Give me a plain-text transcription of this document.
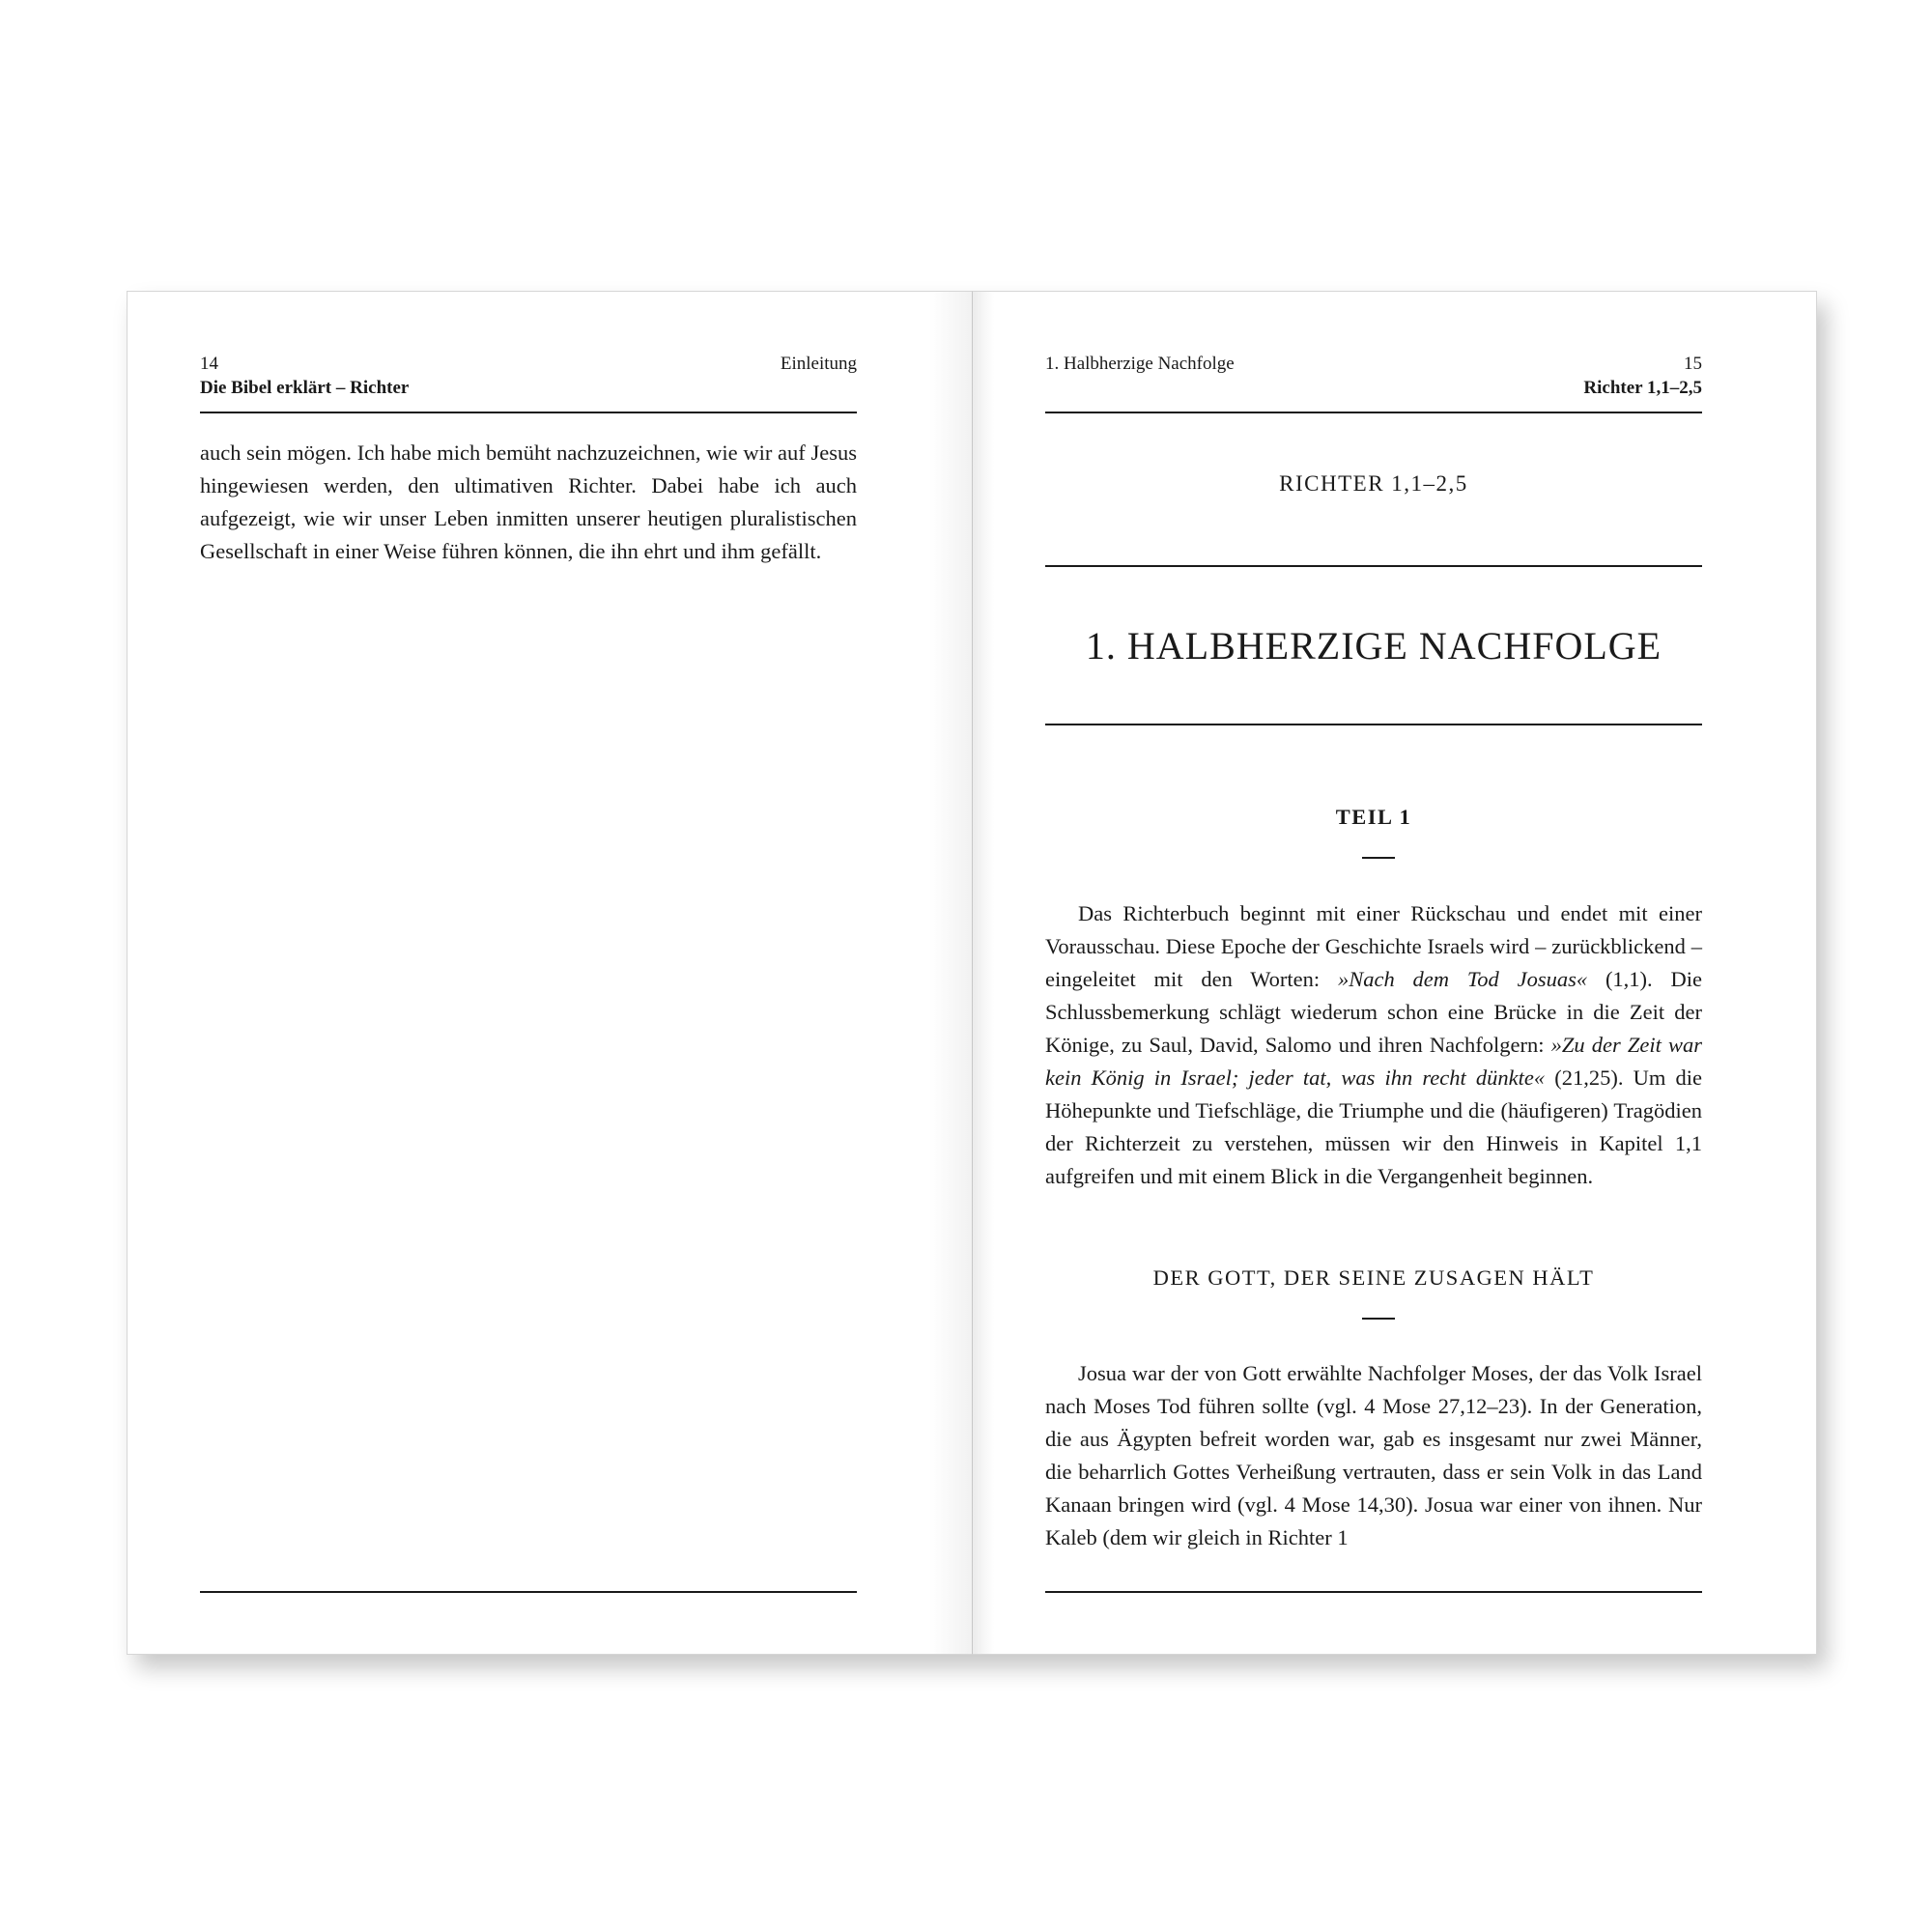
14	Einleitung
Die Bibel erklärt – Richter

auch sein mögen. Ich habe mich bemüht nachzuzeichnen, wie wir auf Jesus hingewiesen werden, den ultimativen Richter. Dabei habe ich auch aufgezeigt, wie wir unser Leben inmitten unserer heutigen pluralistischen Gesellschaft in einer Weise führen können, die ihn ehrt und ihm gefällt.

1. Halbherzige Nachfolge	15
Richter 1,1–2,5
RICHTER 1,1–2,5
1. HALBHERZIGE NACHFOLGE
TEIL 1

Das Richterbuch beginnt mit einer Rückschau und endet mit einer Vorausschau. Diese Epoche der Geschichte Israels wird – zurückblickend – eingeleitet mit den Worten: »Nach dem Tod Josuas« (1,1). Die Schlussbemerkung schlägt wiederum schon eine Brücke in die Zeit der Könige, zu Saul, David, Salomo und ihren Nachfolgern: »Zu der Zeit war kein König in Israel; jeder tat, was ihn recht dünkte« (21,25). Um die Höhepunkte und Tiefschläge, die Triumphe und die (häufigeren) Tragödien der Richterzeit zu verstehen, müssen wir den Hinweis in Kapitel 1,1 aufgreifen und mit einem Blick in die Vergangenheit beginnen.

DER GOTT, DER SEINE ZUSAGEN HÄLT

Josua war der von Gott erwählte Nachfolger Moses, der das Volk Israel nach Moses Tod führen sollte (vgl. 4 Mose 27,12–23). In der Generation, die aus Ägypten befreit worden war, gab es insgesamt nur zwei Männer, die beharrlich Gottes Verheißung vertrauten, dass er sein Volk in das Land Kanaan bringen wird (vgl. 4 Mose 14,30). Josua war einer von ihnen. Nur Kaleb (dem wir gleich in Richter 1
